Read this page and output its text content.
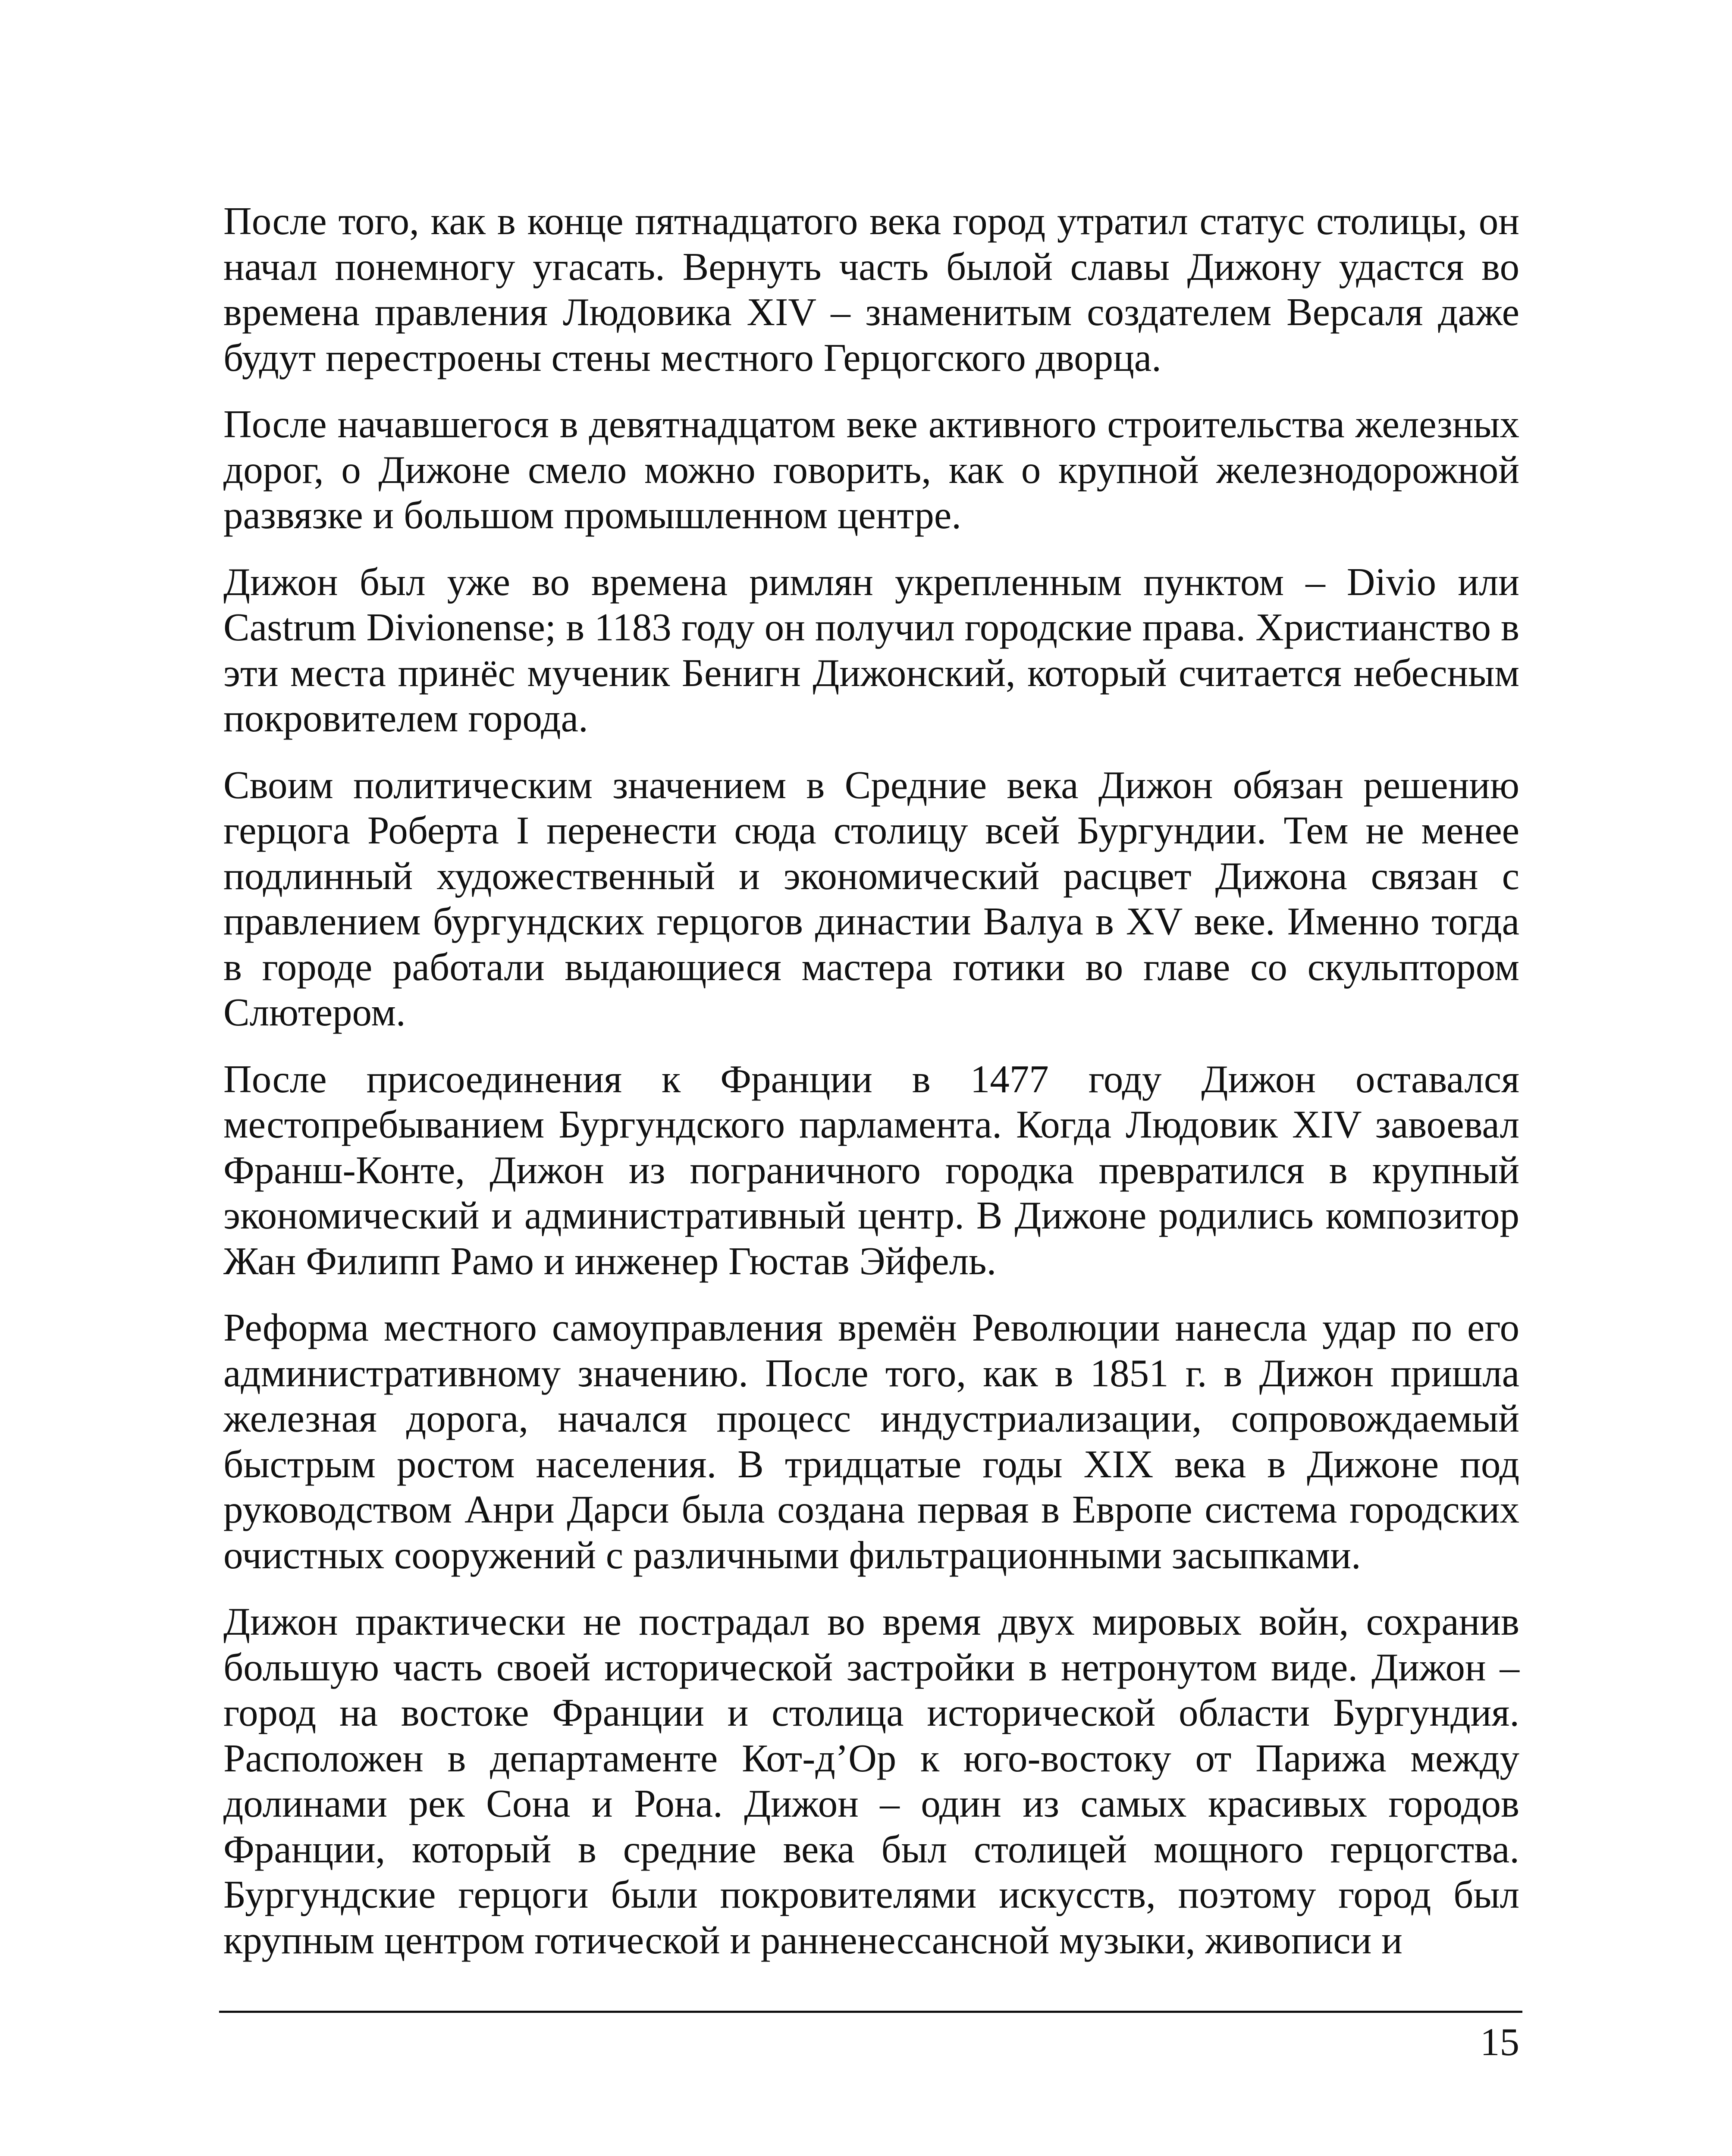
После того, как в конце пятнадцатого века город утратил статус столицы, он начал понемногу угасать. Вернуть часть былой славы Дижону удастся во времена правления Людовика XIV – знаменитым создателем Версаля даже будут перестроены стены местного Герцогского дворца.

После начавшегося в девятнадцатом веке активного строительства железных дорог, о Дижоне смело можно говорить, как о крупной железнодорожной развязке и большом промышленном центре.

Дижон был уже во времена римлян укрепленным пунктом – Divio или Castrum Divionense; в 1183 году он получил городские права. Христианство в эти места принёс мученик Бенигн Дижонский, который считается небесным покровителем города.

Своим политическим значением в Средние века Дижон обязан решению герцога Роберта I перенести сюда столицу всей Бургундии. Тем не менее подлинный художественный и экономический расцвет Дижона связан с правлением бургундских герцогов династии Валуа в XV веке. Именно тогда в городе работали выдающиеся мастера готики во главе со скульптором Слютером.

После присоединения к Франции в 1477 году Дижон оставался местопребыванием Бургундского парламента. Когда Людовик XIV завоевал Франш-Конте, Дижон из пограничного городка превратился в крупный экономический и административный центр. В Дижоне родились композитор Жан Филипп Рамо и инженер Гюстав Эйфель.

Реформа местного самоуправления времён Революции нанесла удар по его административному значению. После того, как в 1851 г. в Дижон пришла железная дорога, начался процесс индустриализации, сопровождаемый быстрым ростом населения. В тридцатые годы XIX века в Дижоне под руководством Анри Дарси была создана первая в Европе система городских очистных сооружений с различными фильтрационными засыпками.

Дижон практически не пострадал во время двух мировых войн, сохранив большую часть своей исторической застройки в нетронутом виде. Дижон – город на востоке Франции и столица исторической области Бургундия. Расположен в департаменте Кот-д’Ор к юго-востоку от Парижа между долинами рек Сона и Рона. Дижон – один из самых красивых городов Франции, который в средние века был столицей мощного герцогства. Бургундские герцоги были покровителями искусств, поэтому город был крупным центром готической и ранненессансной музыки, живописи и

15
